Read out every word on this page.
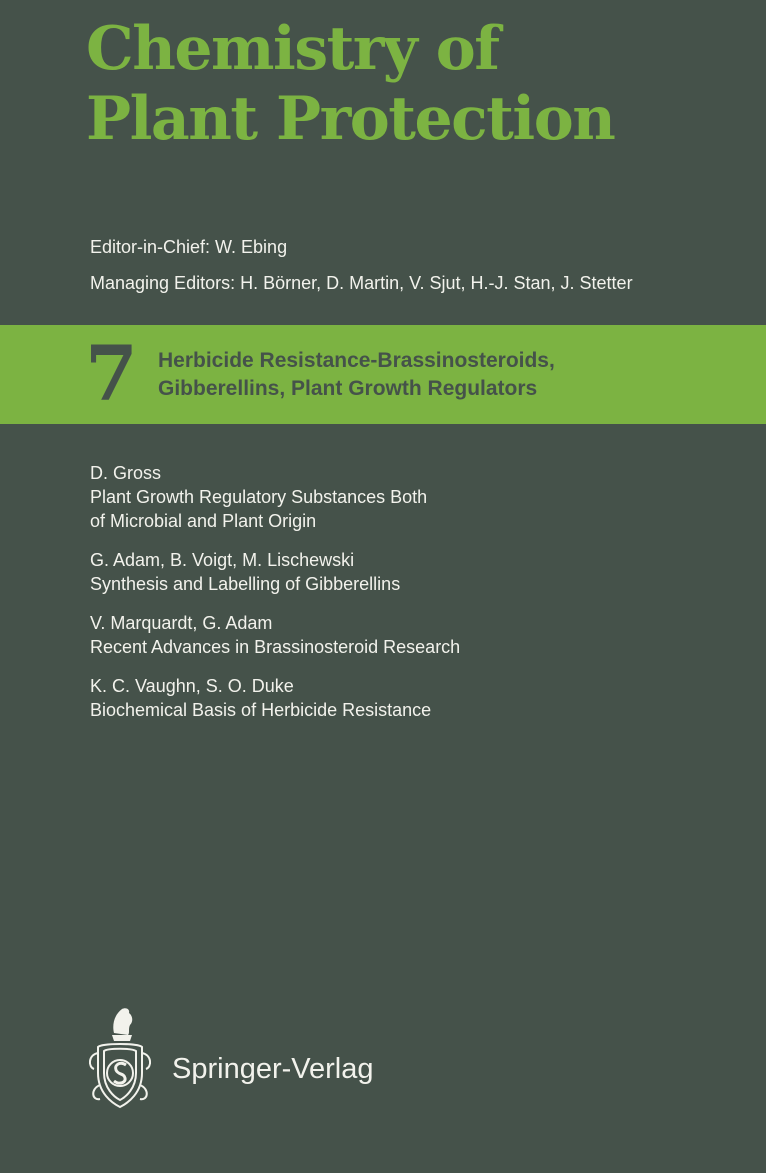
Chemistry of
Plant Protection
Editor-in-Chief: W. Ebing
Managing Editors: H. Börner, D. Martin, V. Sjut, H.-J. Stan, J. Stetter
7 Herbicide Resistance-Brassinosteroids,
Gibberellins, Plant Growth Regulators
D. Gross
Plant Growth Regulatory Substances Both
of Microbial and Plant Origin
G. Adam, B. Voigt, M. Lischewski
Synthesis and Labelling of Gibberellins
V. Marquardt, G. Adam
Recent Advances in Brassinosteroid Research
K. C. Vaughn, S. O. Duke
Biochemical Basis of Herbicide Resistance
Springer-Verlag
